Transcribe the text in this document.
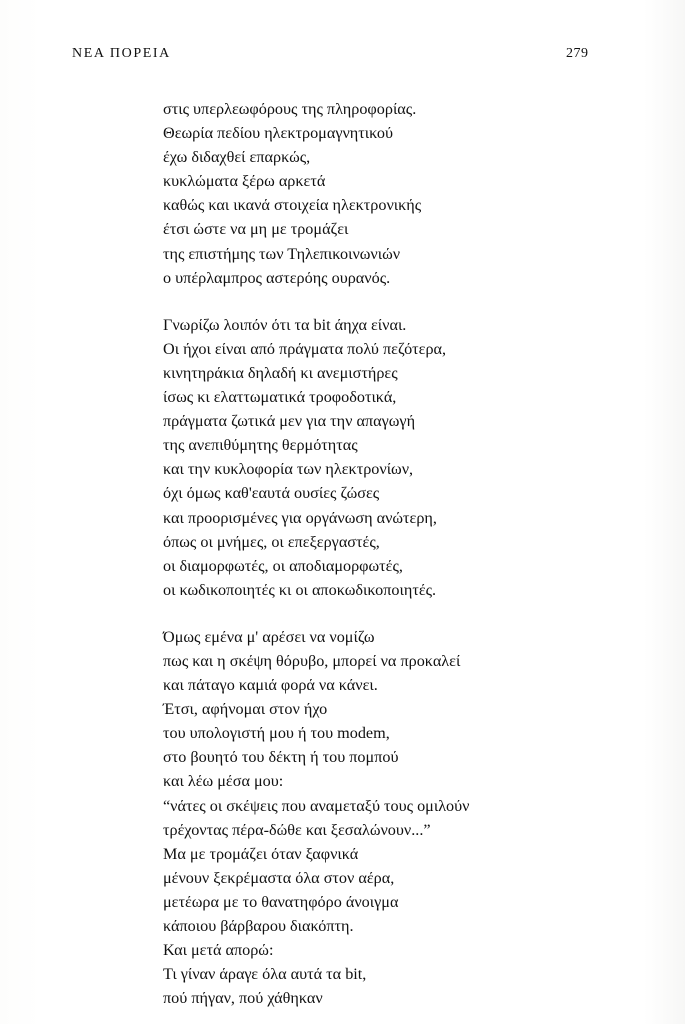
ΝΕΑ ΠΟΡΕΙΑ	279
στις υπερλεωφόρους της πληροφορίας.
Θεωρία πεδίου ηλεκτρομαγνητικού
έχω διδαχθεί επαρκώς,
κυκλώματα ξέρω αρκετά
καθώς και ικανά στοιχεία ηλεκτρονικής
έτσι ώστε να μη με τρομάζει
της επιστήμης των Τηλεπικοινωνιών
ο υπέρλαμπρος αστερόης ουρανός.
Γνωρίζω λοιπόν ότι τα bit άηχα είναι.
Οι ήχοι είναι από πράγματα πολύ πεζότερα,
κινητηράκια δηλαδή κι ανεμιστήρες
ίσως κι ελαττωματικά τροφοδοτικά,
πράγματα ζωτικά μεν για την απαγωγή
της ανεπιθύμητης θερμότητας
και την κυκλοφορία των ηλεκτρονίων,
όχι όμως καθ'εαυτά ουσίες ζώσες
και προορισμένες για οργάνωση ανώτερη,
όπως οι μνήμες, οι επεξεργαστές,
οι διαμορφωτές, οι αποδιαμορφωτές,
οι κωδικοποιητές κι οι αποκωδικοποιητές.
Όμως εμένα μ' αρέσει να νομίζω
πως και η σκέψη θόρυβο, μπορεί να προκαλεί
και πάταγο καμιά φορά να κάνει.
Έτσι, αφήνομαι στον ήχο
του υπολογιστή μου ή του modem,
στο βουητό του δέκτη ή του πομπού
και λέω μέσα μου:
“νάτες οι σκέψεις που αναμεταξύ τους ομιλούν
τρέχοντας πέρα-δώθε και ξεσαλώνουν...”
Μα με τρομάζει όταν ξαφνικά
μένουν ξεκρέμαστα όλα στον αέρα,
μετέωρα με το θανατηφόρο άνοιγμα
κάποιου βάρβαρου διακόπτη.
Και μετά απορώ:
Τι γίναν άραγε όλα αυτά τα bit,
πού πήγαν, πού χάθηκαν
